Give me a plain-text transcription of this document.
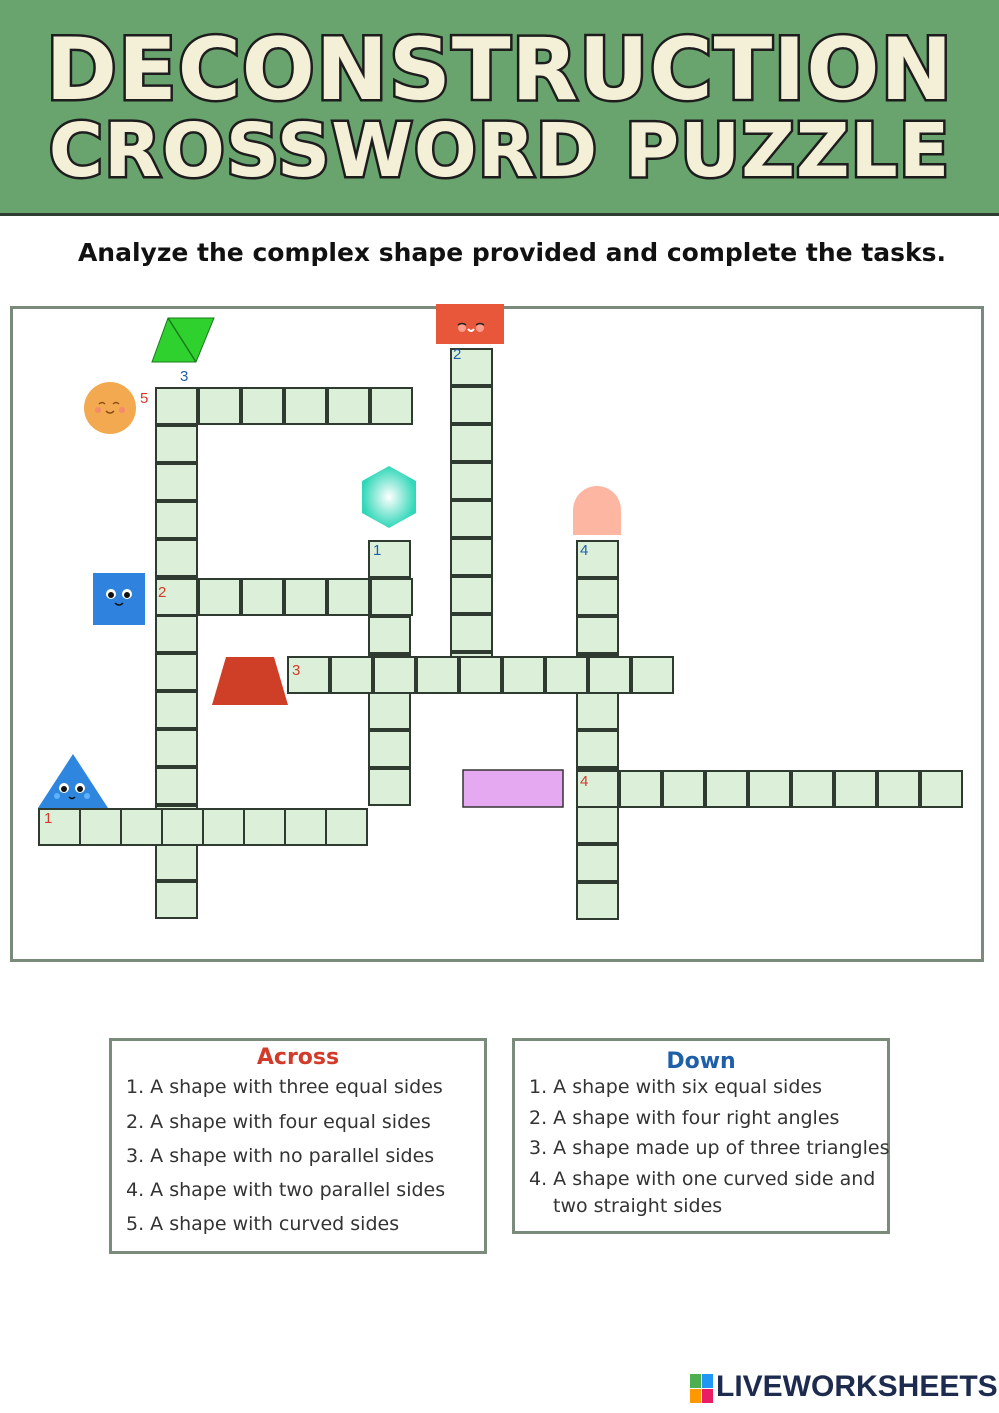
DECONSTRUCTION
CROSSWORD PUZZLE
Analyze the complex shape provided and complete the tasks.
3
5
2
1	4
2
3
4
1
Across
1. A shape with three equal sides
2. A shape with four equal sides
3. A shape with no parallel sides
4. A shape with two parallel sides
5. A shape with curved sides
Down
1. A shape with six equal sides
2. A shape with four right angles
3. A shape made up of three triangles
4. A shape with one curved side and
two straight sides
LIVEWORKSHEETS
